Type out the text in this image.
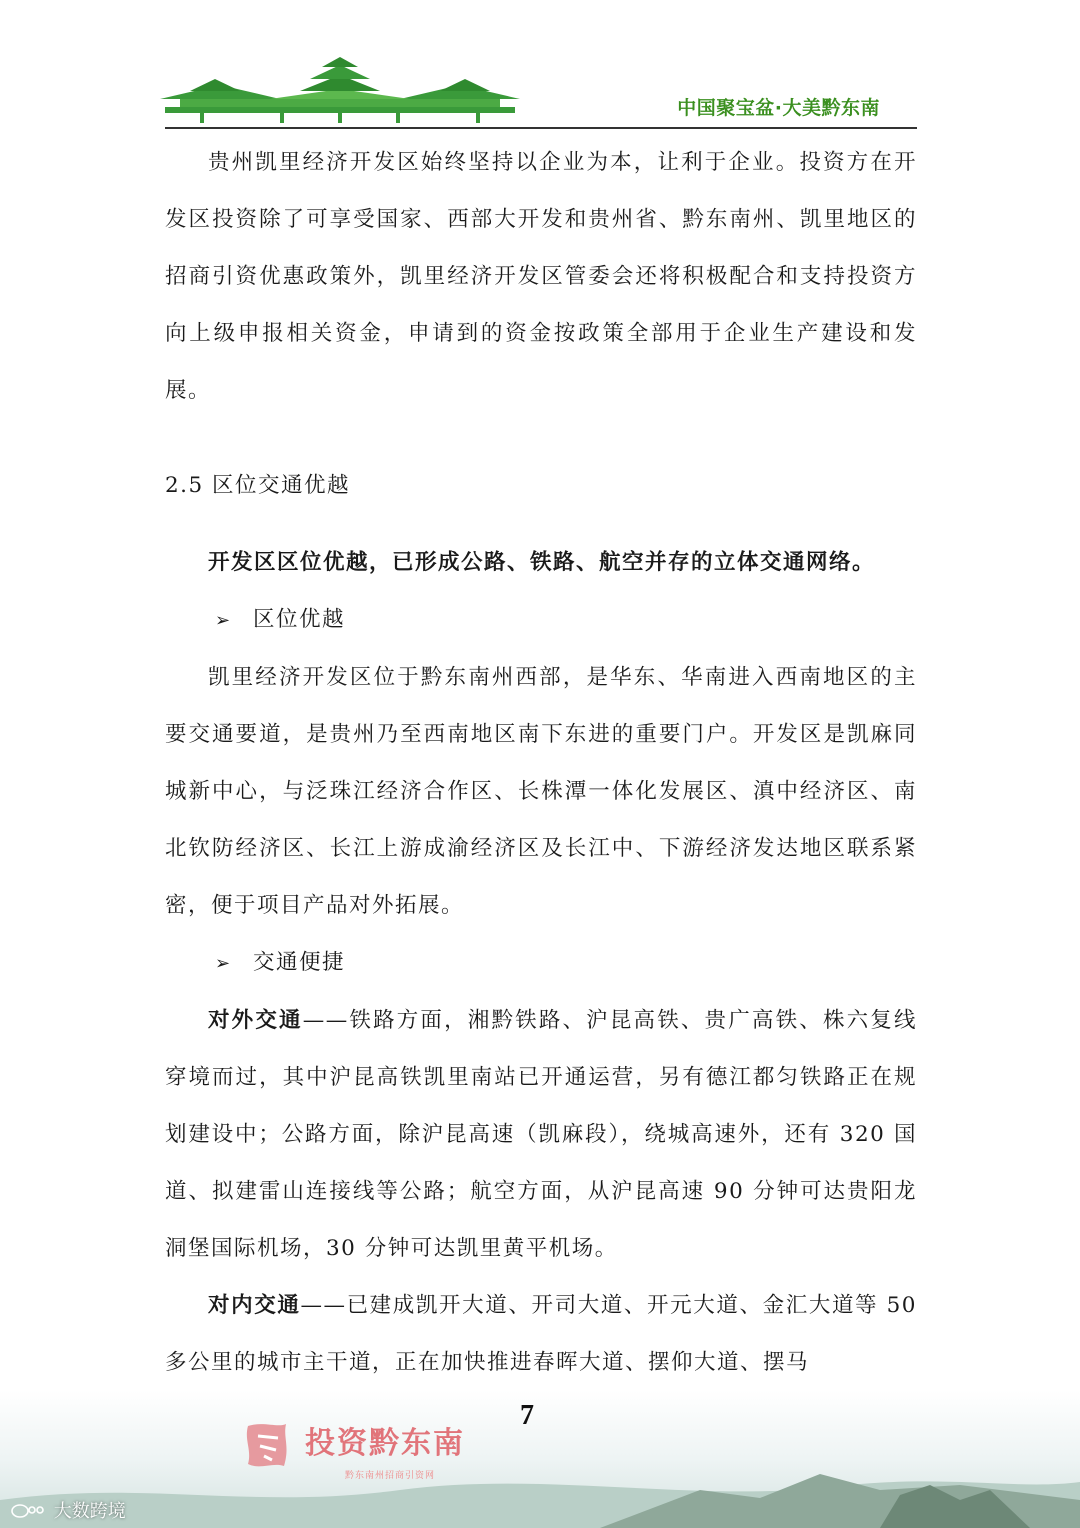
中国聚宝盆·大美黔东南

贵州凯里经济开发区始终坚持以企业为本，让利于企业。投资方在开发区投资除了可享受国家、西部大开发和贵州省、黔东南州、凯里地区的招商引资优惠政策外，凯里经济开发区管委会还将积极配合和支持投资方向上级申报相关资金，申请到的资金按政策全部用于企业生产建设和发展。

2.5 区位交通优越

开发区区位优越，已形成公路、铁路、航空并存的立体交通网络。

➢ 区位优越

凯里经济开发区位于黔东南州西部，是华东、华南进入西南地区的主要交通要道，是贵州乃至西南地区南下东进的重要门户。开发区是凯麻同城新中心，与泛珠江经济合作区、长株潭一体化发展区、滇中经济区、南北钦防经济区、长江上游成渝经济区及长江中、下游经济发达地区联系紧密，便于项目产品对外拓展。

➢ 交通便捷

对外交通——铁路方面，湘黔铁路、沪昆高铁、贵广高铁、株六复线穿境而过，其中沪昆高铁凯里南站已开通运营，另有德江都匀铁路正在规划建设中；公路方面，除沪昆高速（凯麻段），绕城高速外，还有 320 国道、拟建雷山连接线等公路；航空方面，从沪昆高速 90 分钟可达贵阳龙洞堡国际机场，30 分钟可达凯里黄平机场。

对内交通——已建成凯开大道、开司大道、开元大道、金汇大道等 50 多公里的城市主干道，正在加快推进春晖大道、摆仰大道、摆马

7
投资黔东南
黔东南州招商引资网
大数跨境
